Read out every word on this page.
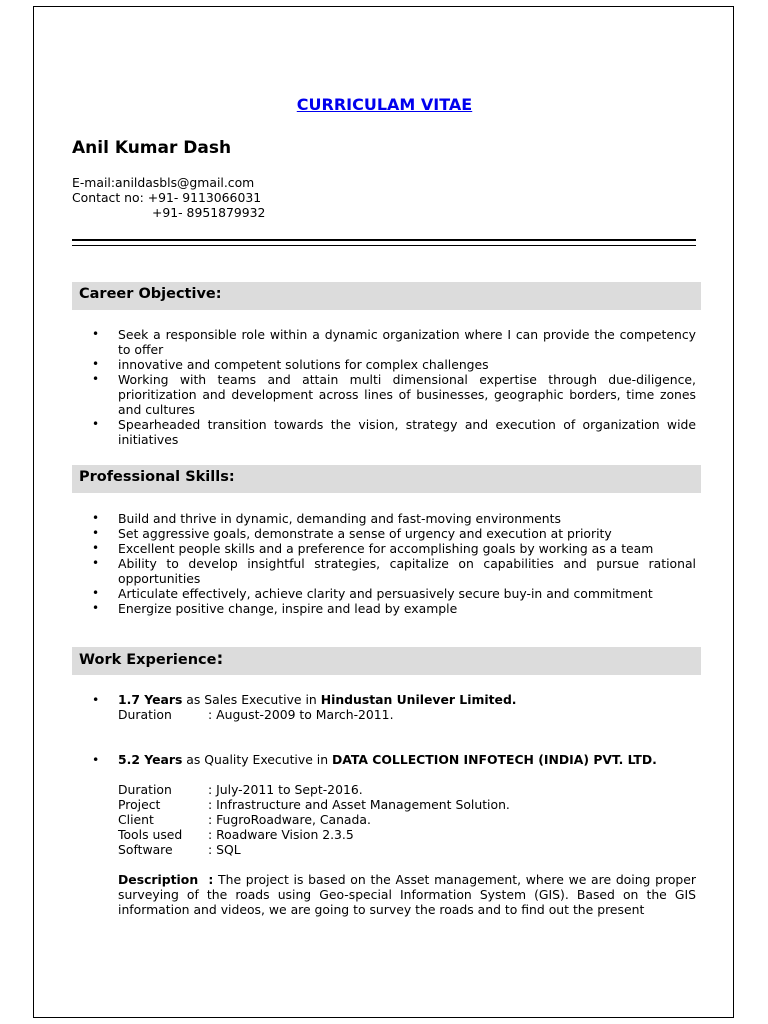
CURRICULAM VITAE
Anil Kumar Dash
E-mail:anildasbls@gmail.com
Contact no: +91- 9113066031
+91- 8951879932
Career Objective:
• Seek a responsible role within a dynamic organization where I can provide the competency to offer
• innovative and competent solutions for complex challenges
• Working with teams and attain multi dimensional expertise through due-diligence, prioritization and development across lines of businesses, geographic borders, time zones and cultures
• Spearheaded transition towards the vision, strategy and execution of organization wide initiatives
Professional Skills:
• Build and thrive in dynamic, demanding and fast-moving environments
• Set aggressive goals, demonstrate a sense of urgency and execution at priority
• Excellent people skills and a preference for accomplishing goals by working as a team
• Ability to develop insightful strategies, capitalize on capabilities and pursue rational opportunities
• Articulate effectively, achieve clarity and persuasively secure buy-in and commitment
• Energize positive change, inspire and lead by example
Work Experience:
• 1.7 Years as Sales Executive in Hindustan Unilever Limited.
Duration	: August-2009 to March-2011.
• 5.2 Years as Quality Executive in DATA COLLECTION INFOTECH (INDIA) PVT. LTD.
Duration	: July-2011 to Sept-2016.
Project	: Infrastructure and Asset Management Solution.
Client	: FugroRoadware, Canada.
Tools used	: Roadware Vision 2.3.5
Software	: SQL
Description  : The project is based on the Asset management, where we are doing proper surveying of the roads using Geo-special Information System (GIS). Based on the GIS information and videos, we are going to survey the roads and to find out the present
